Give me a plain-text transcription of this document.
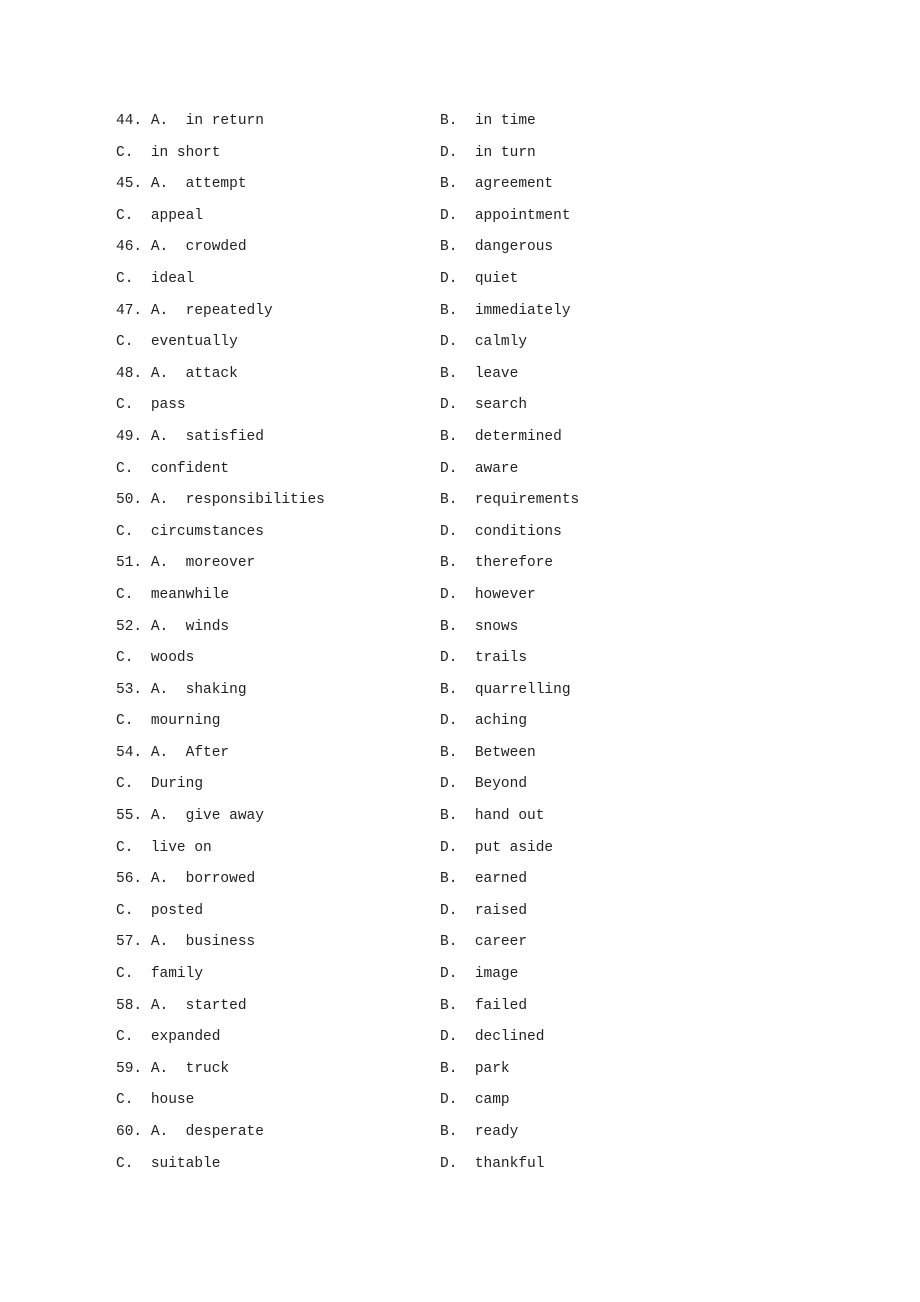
44. A. in return	B. in time
C. in short	D. in turn
45. A. attempt	B. agreement
C. appeal	D. appointment
46. A. crowded	B. dangerous
C. ideal	D. quiet
47. A. repeatedly	B. immediately
C. eventually	D. calmly
48. A. attack	B. leave
C. pass	D. search
49. A. satisfied	B. determined
C. confident	D. aware
50. A. responsibilities	B. requirements
C. circumstances	D. conditions
51. A. moreover	B. therefore
C. meanwhile	D. however
52. A. winds	B. snows
C. woods	D. trails
53. A. shaking	B. quarrelling
C. mourning	D. aching
54. A. After	B. Between
C. During	D. Beyond
55. A. give away	B. hand out
C. live on	D. put aside
56. A. borrowed	B. earned
C. posted	D. raised
57. A. business	B. career
C. family	D. image
58. A. started	B. failed
C. expanded	D. declined
59. A. truck	B. park
C. house	D. camp
60. A. desperate	B. ready
C. suitable	D. thankful
